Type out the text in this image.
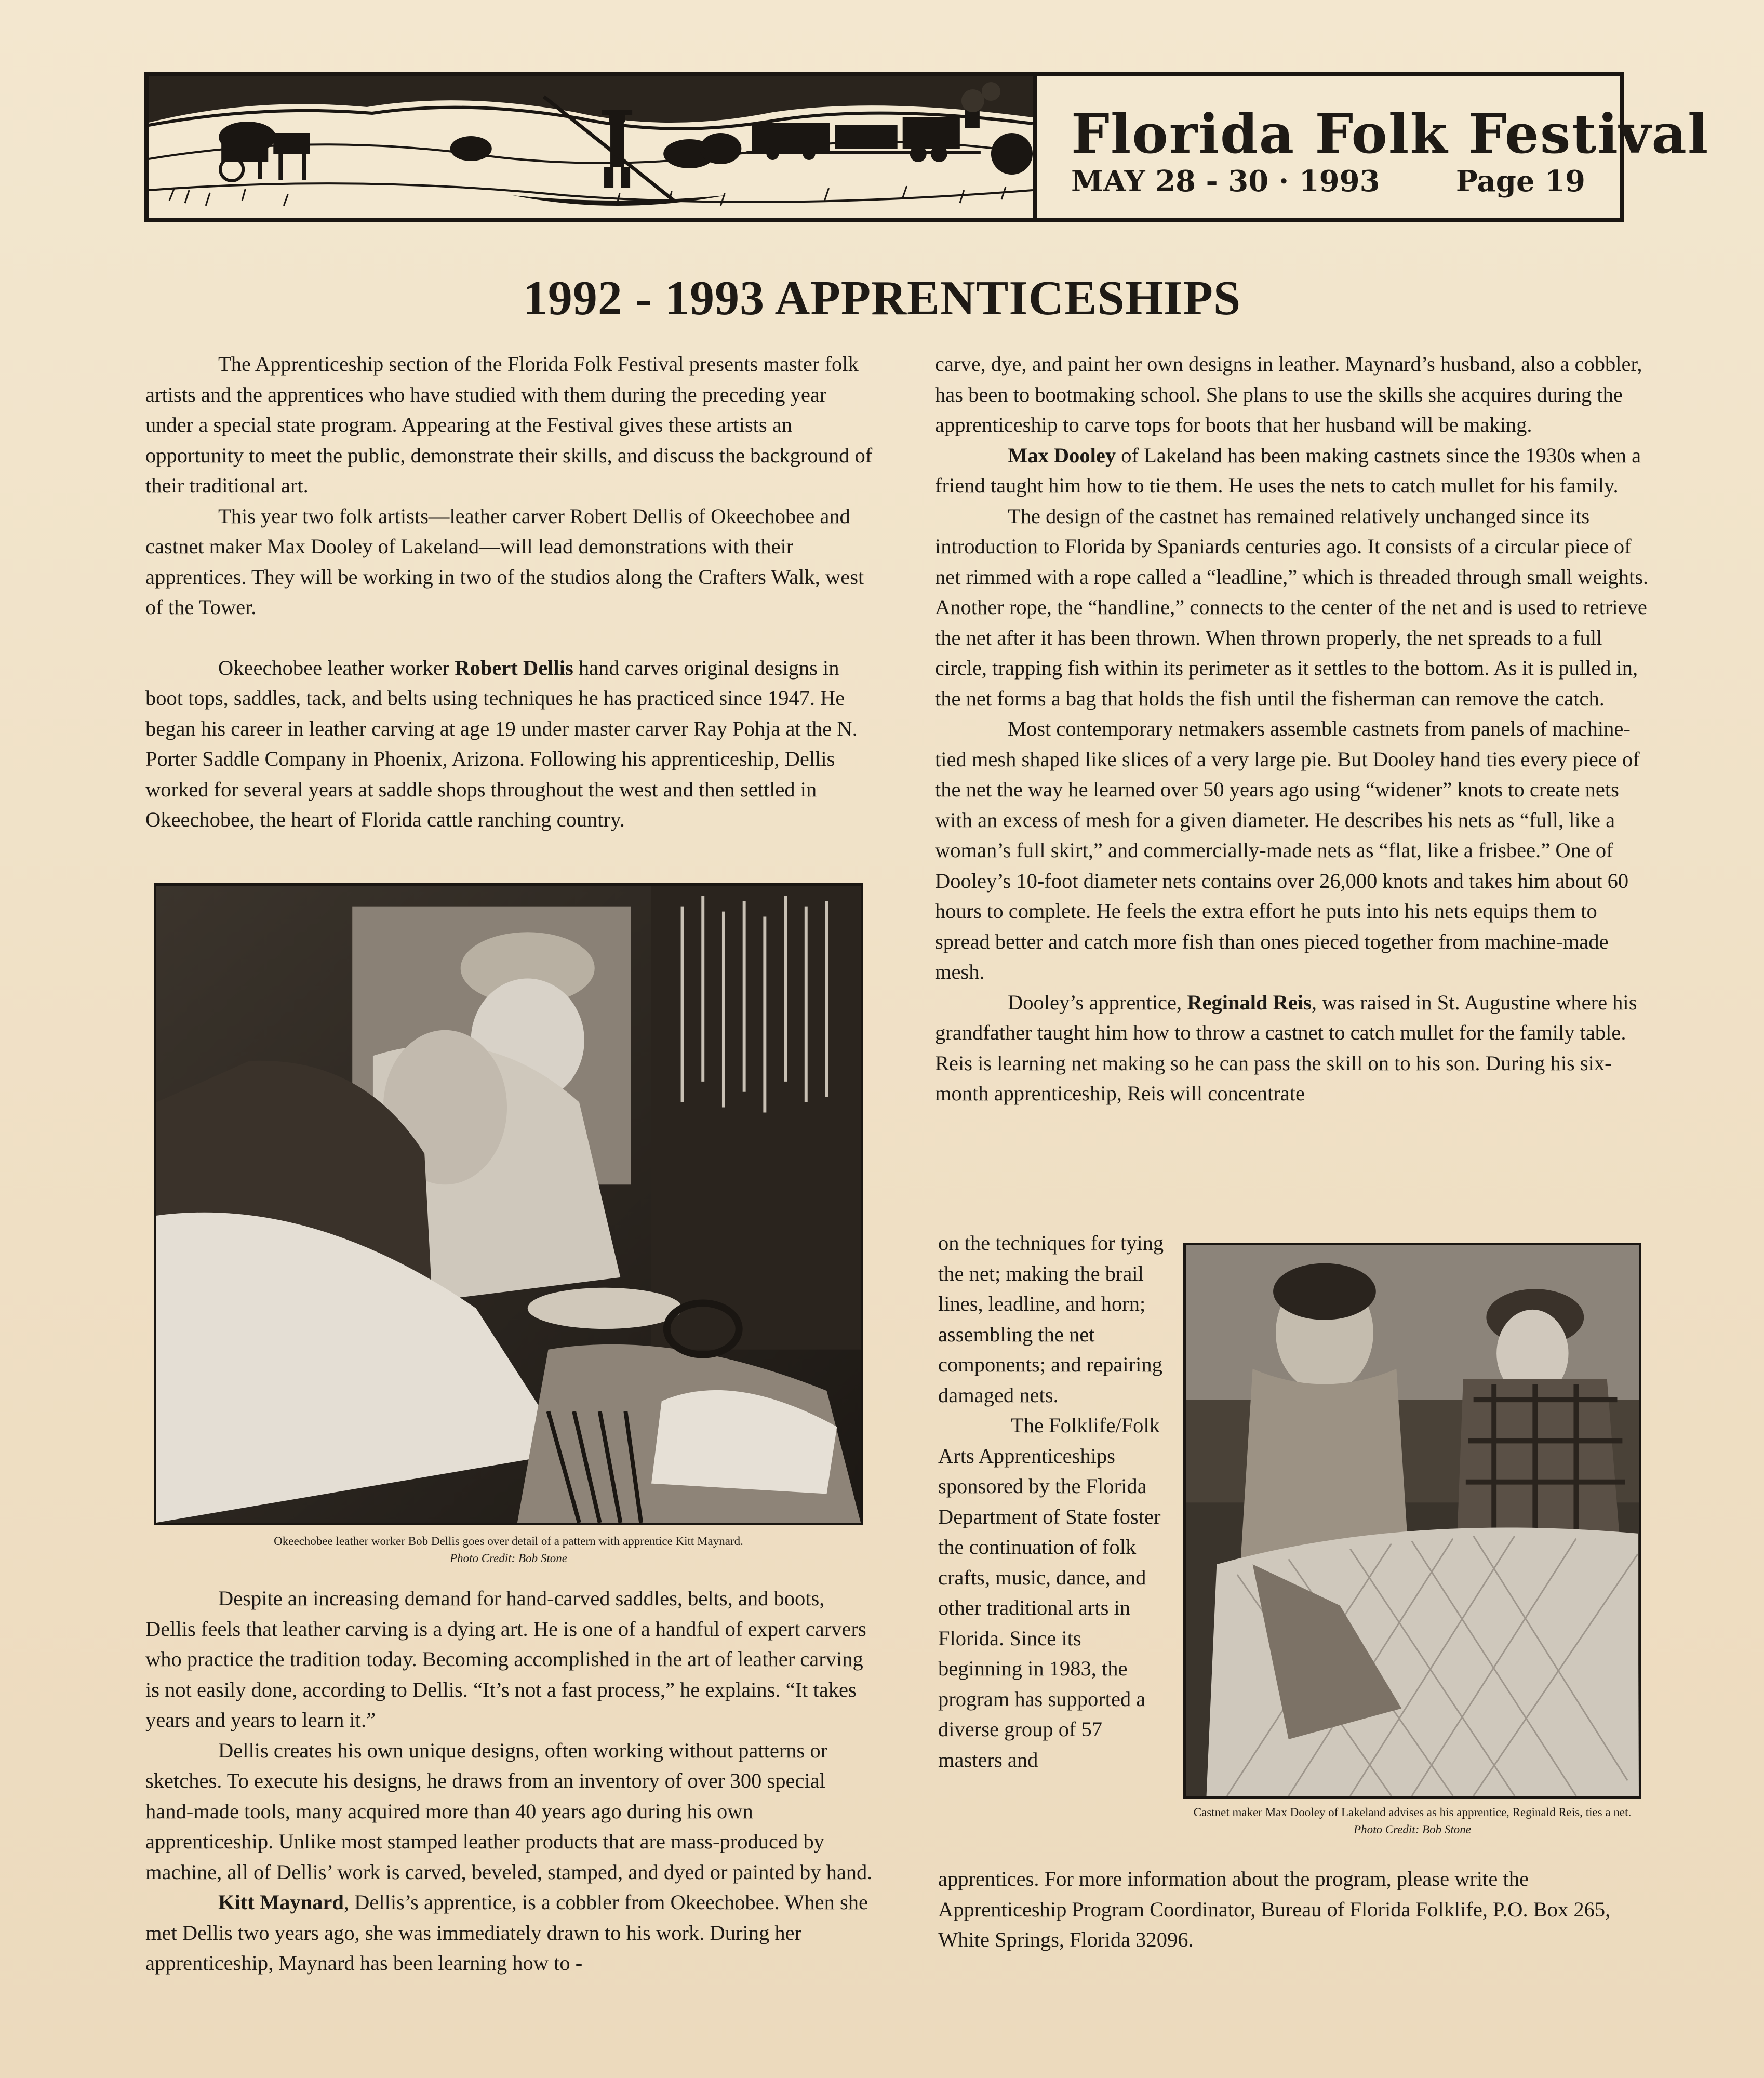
Florida Folk Festival
MAY 28 - 30 · 1993	Page 19
1992 - 1993 APPRENTICESHIPS

The Apprenticeship section of the Florida Folk Festival presents master folk artists and the apprentices who have studied with them during the preceding year under a special state program. Appearing at the Festival gives these artists an opportunity to meet the public, demonstrate their skills, and discuss the background of their traditional art.

This year two folk artists—leather carver Robert Dellis of Okeechobee and castnet maker Max Dooley of Lakeland—will lead demonstrations with their apprentices. They will be working in two of the studios along the Crafters Walk, west of the Tower.

Okeechobee leather worker Robert Dellis hand carves original designs in boot tops, saddles, tack, and belts using techniques he has practiced since 1947. He began his career in leather carving at age 19 under master carver Ray Pohja at the N. Porter Saddle Company in Phoenix, Arizona. Following his apprenticeship, Dellis worked for several years at saddle shops throughout the west and then settled in Okeechobee, the heart of Florida cattle ranching country.

Okeechobee leather worker Bob Dellis goes over detail of a pattern with apprentice Kitt Maynard.
Photo Credit: Bob Stone

Despite an increasing demand for hand-carved saddles, belts, and boots, Dellis feels that leather carving is a dying art. He is one of a handful of expert carvers who practice the tradition today. Becoming accomplished in the art of leather carving is not easily done, according to Dellis. “It’s not a fast process,” he explains. “It takes years and years to learn it.”

Dellis creates his own unique designs, often working without patterns or sketches. To execute his designs, he draws from an inventory of over 300 special hand-made tools, many acquired more than 40 years ago during his own apprenticeship. Unlike most stamped leather products that are mass-produced by machine, all of Dellis’ work is carved, beveled, stamped, and dyed or painted by hand.

Kitt Maynard, Dellis’s apprentice, is a cobbler from Okeechobee. When she met Dellis two years ago, she was immediately drawn to his work. During her apprenticeship, Maynard has been learning how to -

carve, dye, and paint her own designs in leather. Maynard’s husband, also a cobbler, has been to bootmaking school. She plans to use the skills she acquires during the apprenticeship to carve tops for boots that her husband will be making.

Max Dooley of Lakeland has been making castnets since the 1930s when a friend taught him how to tie them. He uses the nets to catch mullet for his family.

The design of the castnet has remained relatively unchanged since its introduction to Florida by Spaniards centuries ago. It consists of a circular piece of net rimmed with a rope called a “leadline,” which is threaded through small weights. Another rope, the “handline,” connects to the center of the net and is used to retrieve the net after it has been thrown. When thrown properly, the net spreads to a full circle, trapping fish within its perimeter as it settles to the bottom. As it is pulled in, the net forms a bag that holds the fish until the fisherman can remove the catch.

Most contemporary netmakers assemble castnets from panels of machine-tied mesh shaped like slices of a very large pie. But Dooley hand ties every piece of the net the way he learned over 50 years ago using “widener” knots to create nets with an excess of mesh for a given diameter. He describes his nets as “full, like a woman’s full skirt,” and commercially-made nets as “flat, like a frisbee.” One of Dooley’s 10-foot diameter nets contains over 26,000 knots and takes him about 60 hours to complete. He feels the extra effort he puts into his nets equips them to spread better and catch more fish than ones pieced together from machine-made mesh.

Dooley’s apprentice, Reginald Reis, was raised in St. Augustine where his grandfather taught him how to throw a castnet to catch mullet for the family table. Reis is learning net making so he can pass the skill on to his son. During his six- month apprenticeship, Reis will concentrate

on the techniques for tying the net; making the brail lines, leadline, and horn; assembling the net components; and repairing damaged nets.

The Folklife/Folk Arts Apprenticeships sponsored by the Florida Department of State foster the continuation of folk crafts, music, dance, and other traditional arts in Florida. Since its beginning in 1983, the program has supported a diverse group of 57 masters and

Castnet maker Max Dooley of Lakeland advises as his apprentice, Reginald Reis, ties a net. Photo Credit: Bob Stone

apprentices. For more information about the program, please write the Apprenticeship Program Coordinator, Bureau of Florida Folklife, P.O. Box 265, White Springs, Florida 32096.
